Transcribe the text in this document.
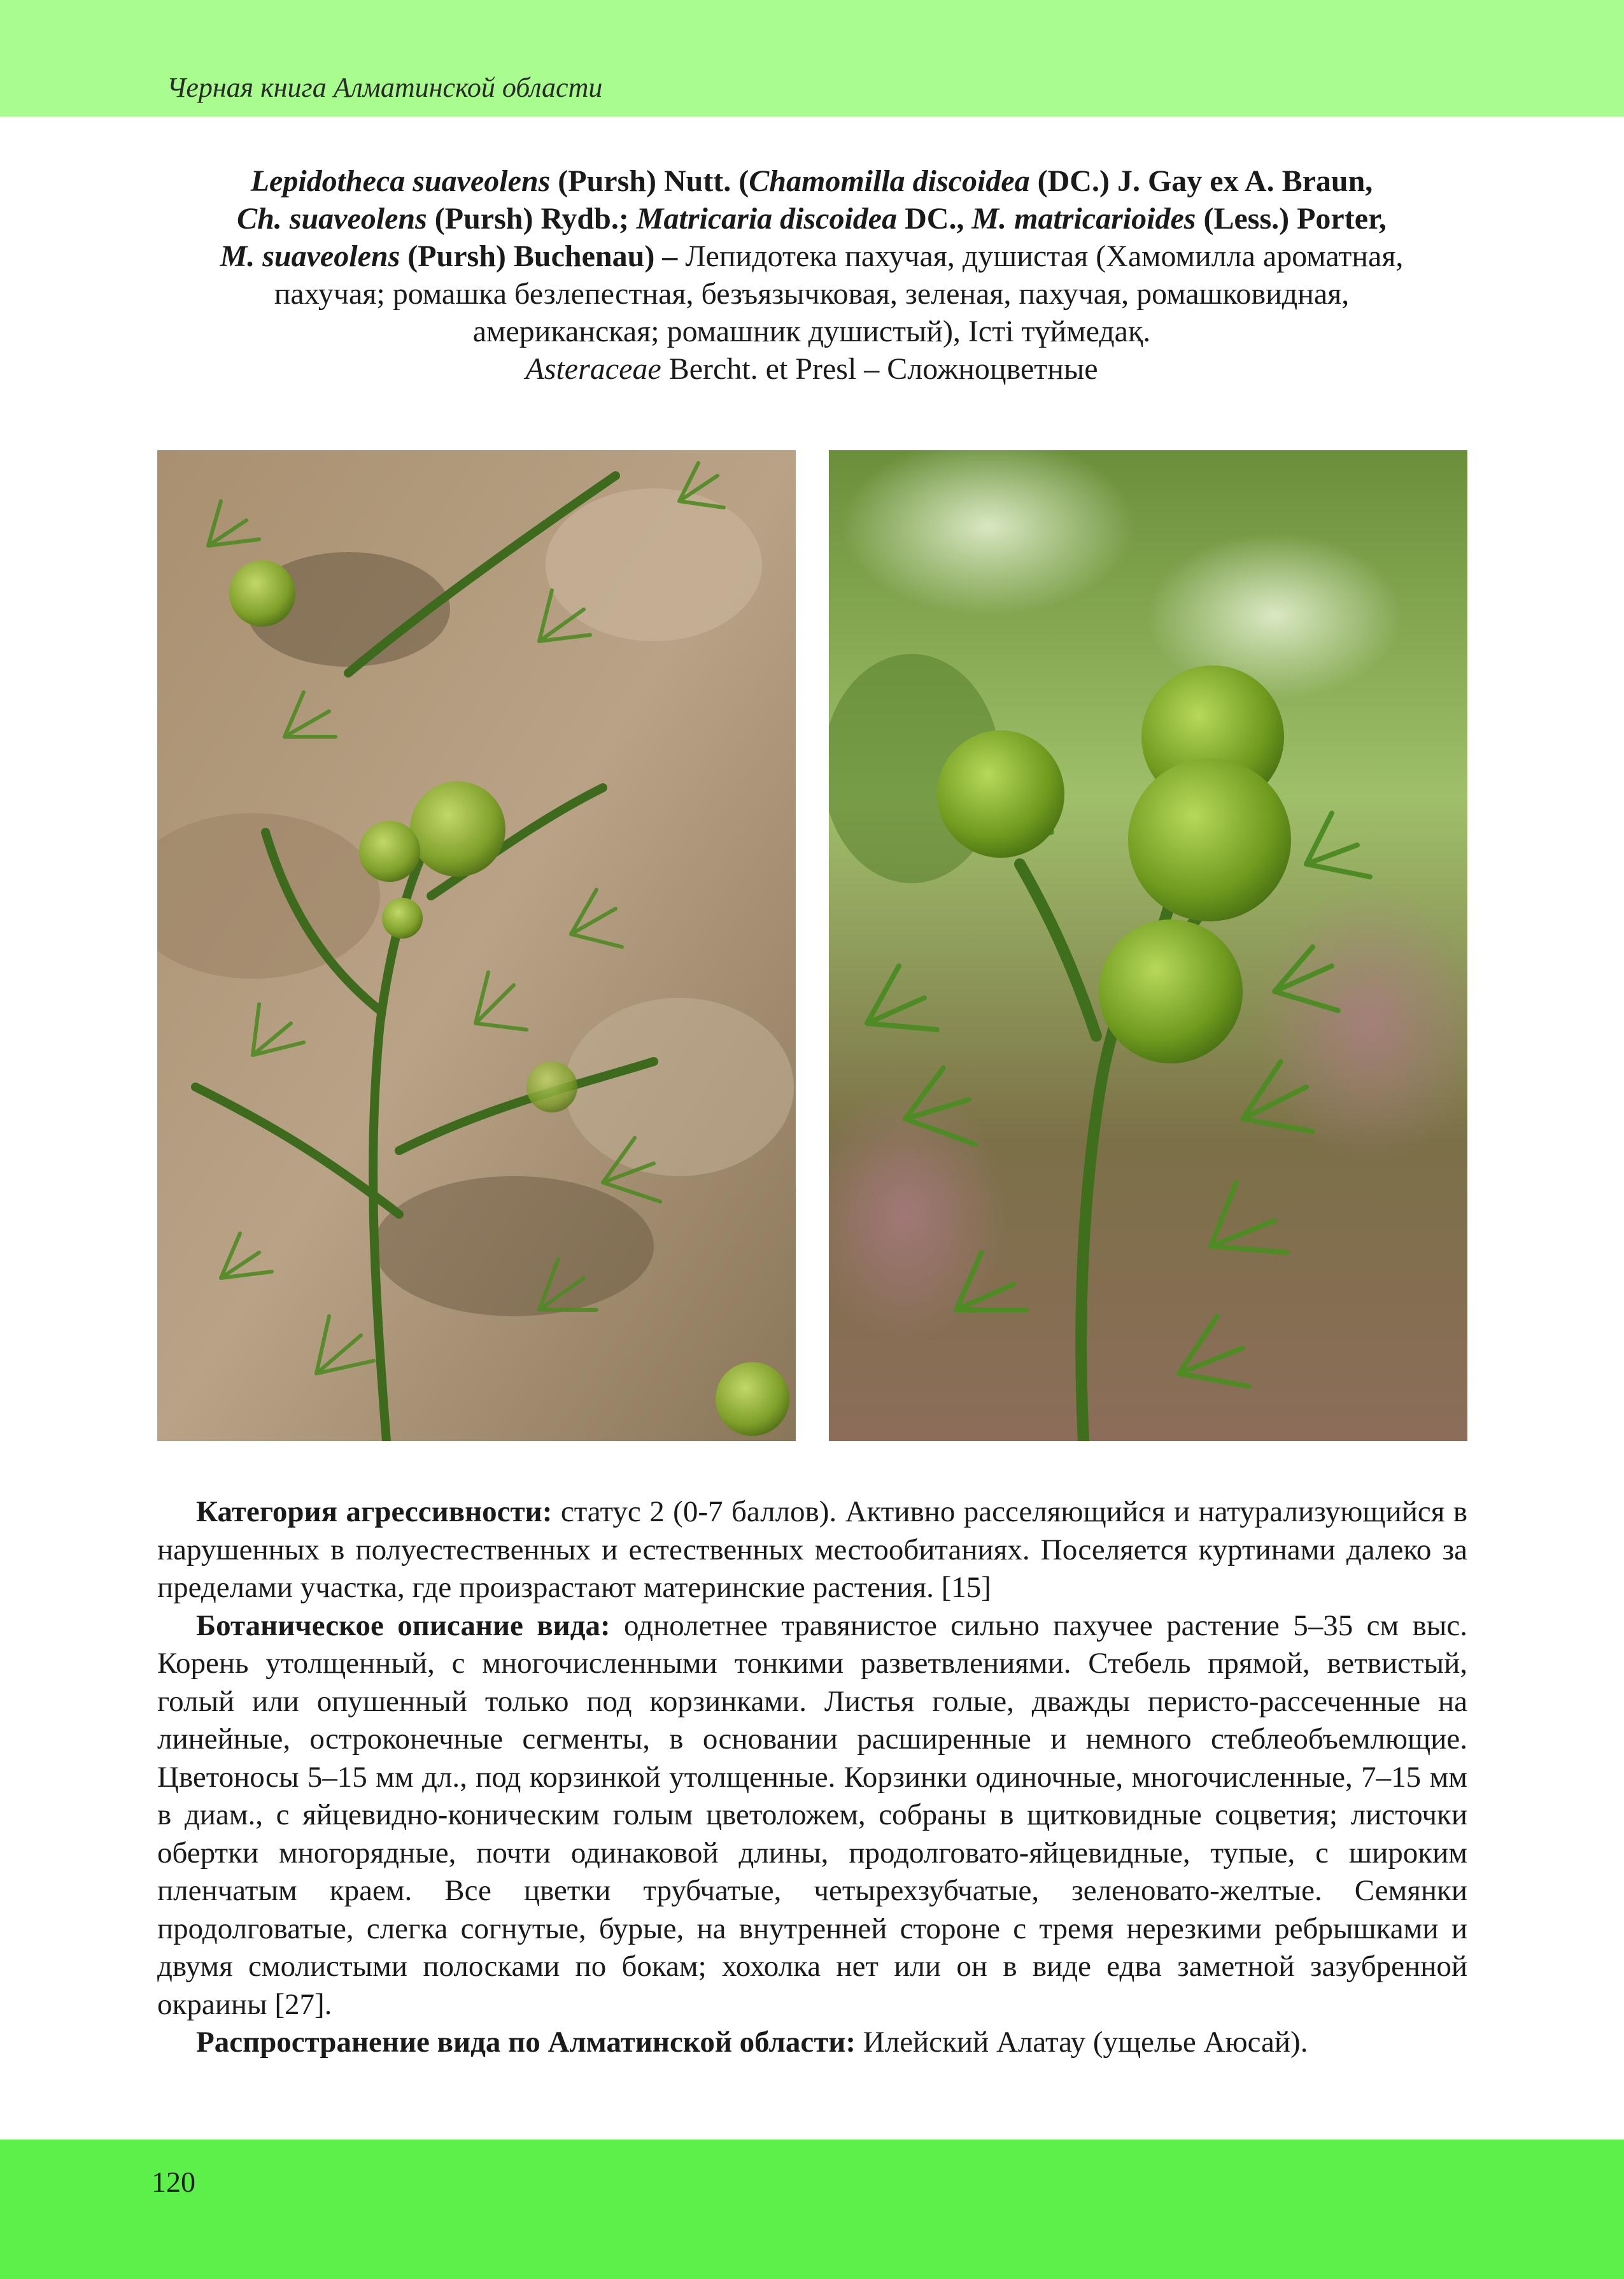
Черная книга Алматинской области
Lepidotheca suaveolens (Pursh) Nutt. (Chamomilla discoidea (DC.) J. Gay ex A. Braun,
Ch. suaveolens (Pursh) Rydb.; Matricaria discoidea DC., M. matricarioides (Less.) Porter,
M. suaveolens (Pursh) Buchenau) – Лепидотека пахучая, душистая (Хамомилла ароматная,
пахучая; ромашка безлепестная, безъязычковая, зеленая, пахучая, ромашковидная,
американская; ромашник душистый), Істі түймедақ.
Asteraceae Bercht. et Presl – Сложноцветные

Категория агрессивности: статус 2 (0-7 баллов). Активно расселяющийся и натурализующийся в нарушенных в полуестественных и естественных местообитаниях. Поселяется куртинами далеко за пределами участка, где произрастают материнские растения. [15]

Ботаническое описание вида: однолетнее травянистое сильно пахучее растение 5–35 см выс. Корень утолщенный, с многочисленными тонкими разветвлениями. Стебель прямой, ветвистый, голый или опушенный только под корзинками. Листья голые, дважды перисто-рассеченные на линейные, остроконечные сегменты, в основании расширенные и немного стеблеобъемлющие. Цветоносы 5–15 мм дл., под корзинкой утолщенные. Корзинки одиночные, многочисленные, 7–15 мм в диам., с яйцевидно-коническим голым цветоложем, собраны в щитковидные соцветия; листочки обертки многорядные, почти одинаковой длины, продолговато-яйцевидные, тупые, с широким пленчатым краем. Все цветки трубчатые, четырехзубчатые, зеленовато-желтые. Семянки продолговатые, слегка согнутые, бурые, на внутренней стороне с тремя нерезкими ребрышками и двумя смолистыми полосками по бокам; хохолка нет или он в виде едва заметной зазубренной окраины [27].

Распространение вида по Алматинской области: Илейский Алатау (ущелье Аюсай).

120
